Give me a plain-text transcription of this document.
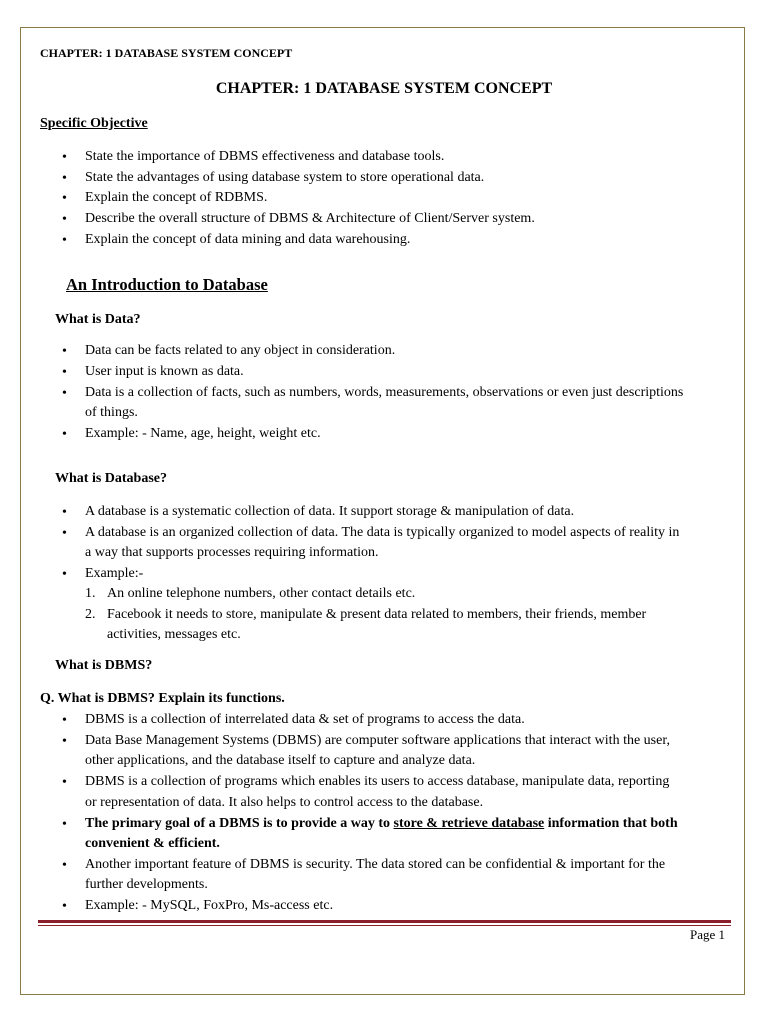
CHAPTER: 1 DATABASE SYSTEM CONCEPT
CHAPTER: 1 DATABASE SYSTEM CONCEPT
Specific Objective
• State the importance of DBMS effectiveness and database tools.
• State the advantages of using database system to store operational data.
• Explain the concept of RDBMS.
• Describe the overall structure of DBMS & Architecture of Client/Server system.
• Explain the concept of data mining and data warehousing.
An Introduction to Database
What is Data?
• Data can be facts related to any object in consideration.
• User input is known as data.
• Data is a collection of facts, such as numbers, words, measurements, observations or even just descriptions
of things.
• Example: - Name, age, height, weight etc.
What is Database?
• A database is a systematic collection of data. It support storage & manipulation of data.
• A database is an organized collection of data. The data is typically organized to model aspects of reality in
a way that supports processes requiring information.
• Example:-
1. An online telephone numbers, other contact details etc.
2. Facebook it needs to store, manipulate & present data related to members, their friends, member
activities, messages etc.
What is DBMS?
Q. What is DBMS? Explain its functions.
• DBMS is a collection of interrelated data & set of programs to access the data.
• Data Base Management Systems (DBMS) are computer software applications that interact with the user,
other applications, and the database itself to capture and analyze data.
• DBMS is a collection of programs which enables its users to access database, manipulate data, reporting
or representation of data. It also helps to control access to the database.
• The primary goal of a DBMS is to provide a way to store & retrieve database information that both
convenient & efficient.
• Another important feature of DBMS is security. The data stored can be confidential & important for the
further developments.
• Example: - MySQL, FoxPro, Ms-access etc.
Page 1
